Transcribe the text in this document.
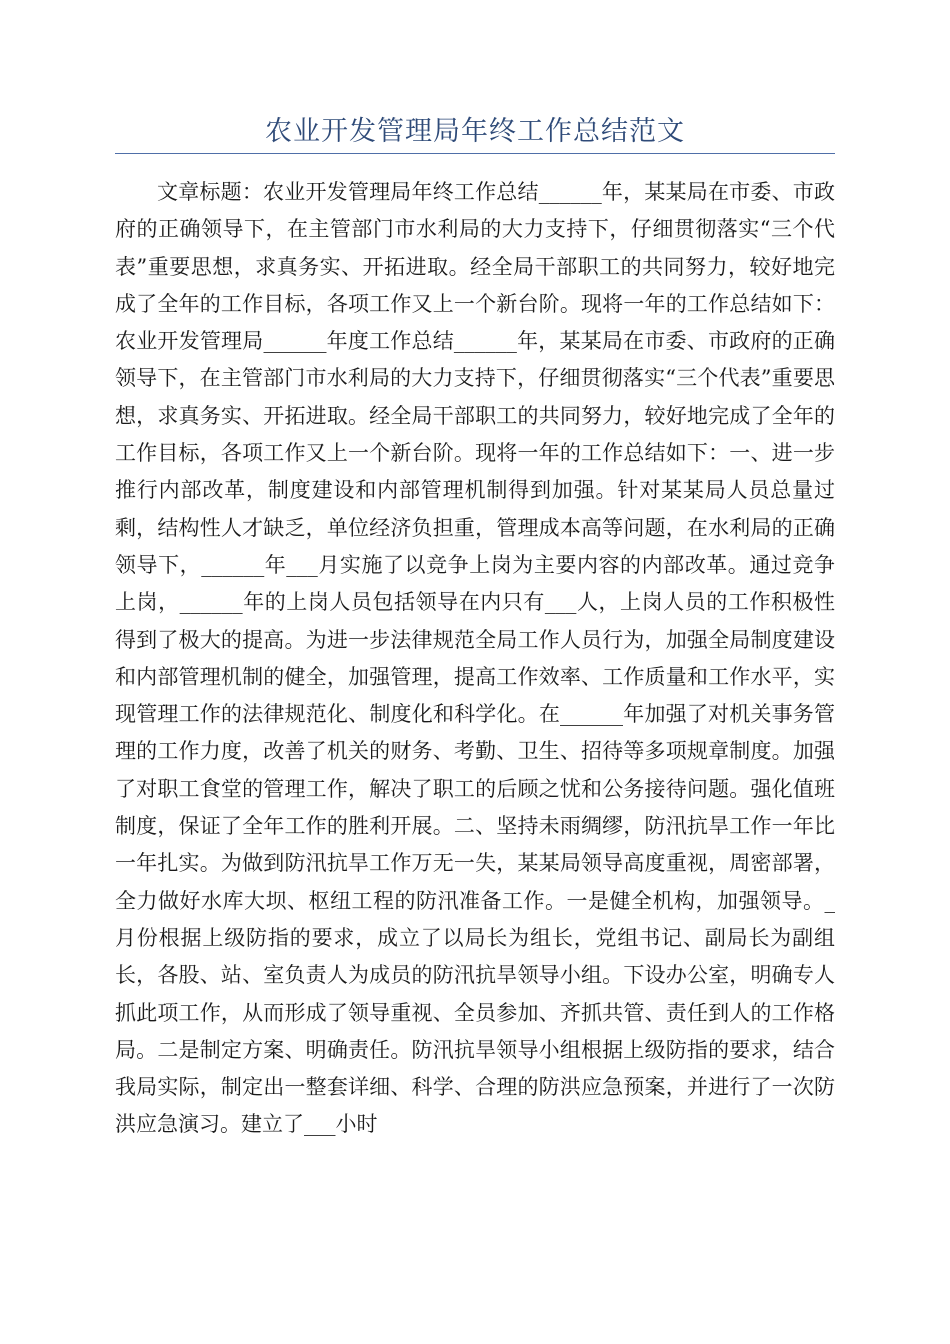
农业开发管理局年终工作总结范文

文章标题：农业开发管理局年终工作总结______年，某某局在市委、市政府的正确领导下，在主管部门市水利局的大力支持下，仔细贯彻落实“三个代表”重要思想，求真务实、开拓进取。经全局干部职工的共同努力，较好地完成了全年的工作目标，各项工作又上一个新台阶。现将一年的工作总结如下：农业开发管理局______年度工作总结______年，某某局在市委、市政府的正确领导下，在主管部门市水利局的大力支持下，仔细贯彻落实“三个代表”重要思想，求真务实、开拓进取。经全局干部职工的共同努力，较好地完成了全年的工作目标，各项工作又上一个新台阶。现将一年的工作总结如下：一、进一步推行内部改革，制度建设和内部管理机制得到加强。针对某某局人员总量过剩，结构性人才缺乏，单位经济负担重，管理成本高等问题，在水利局的正确领导下，______年___月实施了以竞争上岗为主要内容的内部改革。通过竞争上岗，______年的上岗人员包括领导在内只有___人，上岗人员的工作积极性得到了极大的提高。为进一步法律规范全局工作人员行为，加强全局制度建设和内部管理机制的健全，加强管理，提高工作效率、工作质量和工作水平，实现管理工作的法律规范化、制度化和科学化。在______年加强了对机关事务管理的工作力度，改善了机关的财务、考勤、卫生、招待等多项规章制度。加强了对职工食堂的管理工作，解决了职工的后顾之忧和公务接待问题。强化值班制度，保证了全年工作的胜利开展。二、坚持未雨绸缪，防汛抗旱工作一年比一年扎实。为做到防汛抗旱工作万无一失，某某局领导高度重视，周密部署，全力做好水库大坝、枢纽工程的防汛准备工作。一是健全机构，加强领导。_月份根据上级防指的要求，成立了以局长为组长，党组书记、副局长为副组长，各股、站、室负责人为成员的防汛抗旱领导小组。下设办公室，明确专人抓此项工作，从而形成了领导重视、全员参加、齐抓共管、责任到人的工作格局。二是制定方案、明确责任。防汛抗旱领导小组根据上级防指的要求，结合我局实际，制定出一整套详细、科学、合理的防洪应急预案，并进行了一次防洪应急演习。建立了___小时
